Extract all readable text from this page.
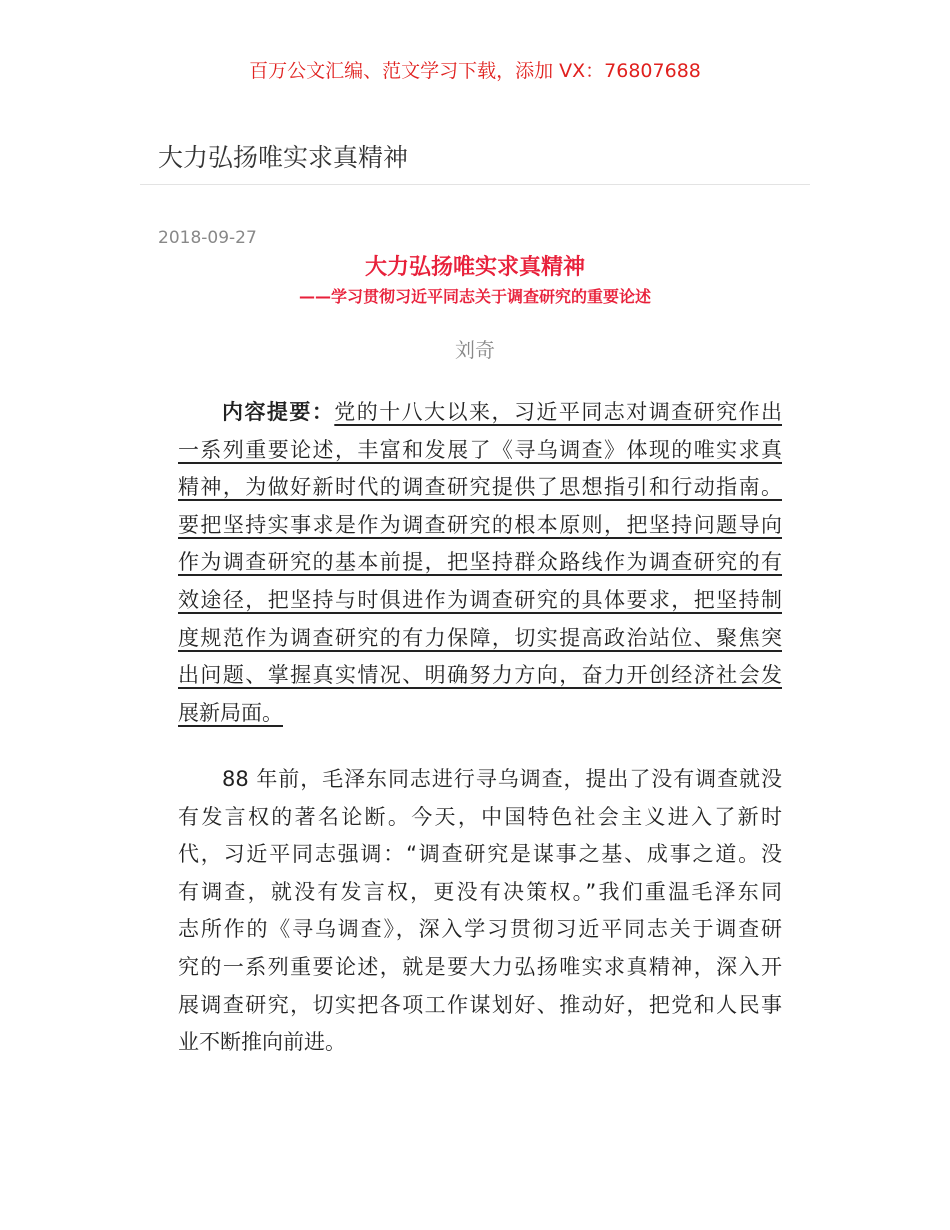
百万公文汇编、范文学习下载，添加 VX：76807688
大力弘扬唯实求真精神
2018-09-27
大力弘扬唯实求真精神
——学习贯彻习近平同志关于调查研究的重要论述
刘奇
内容提要：党的十八大以来，习近平同志对调查研究作出
一系列重要论述，丰富和发展了《寻乌调查》体现的唯实求真
精神，为做好新时代的调查研究提供了思想指引和行动指南。
要把坚持实事求是作为调查研究的根本原则，把坚持问题导向
作为调查研究的基本前提，把坚持群众路线作为调查研究的有
效途径，把坚持与时俱进作为调查研究的具体要求，把坚持制
度规范作为调查研究的有力保障，切实提高政治站位、聚焦突
出问题、掌握真实情况、明确努力方向，奋力开创经济社会发
展新局面。
88 年前，毛泽东同志进行寻乌调查，提出了没有调查就没
有发言权的著名论断。今天，中国特色社会主义进入了新时
代，习近平同志强调：“调查研究是谋事之基、成事之道。没
有调查，就没有发言权，更没有决策权。”我们重温毛泽东同
志所作的《寻乌调查》，深入学习贯彻习近平同志关于调查研
究的一系列重要论述，就是要大力弘扬唯实求真精神，深入开
展调查研究，切实把各项工作谋划好、推动好，把党和人民事
业不断推向前进。
